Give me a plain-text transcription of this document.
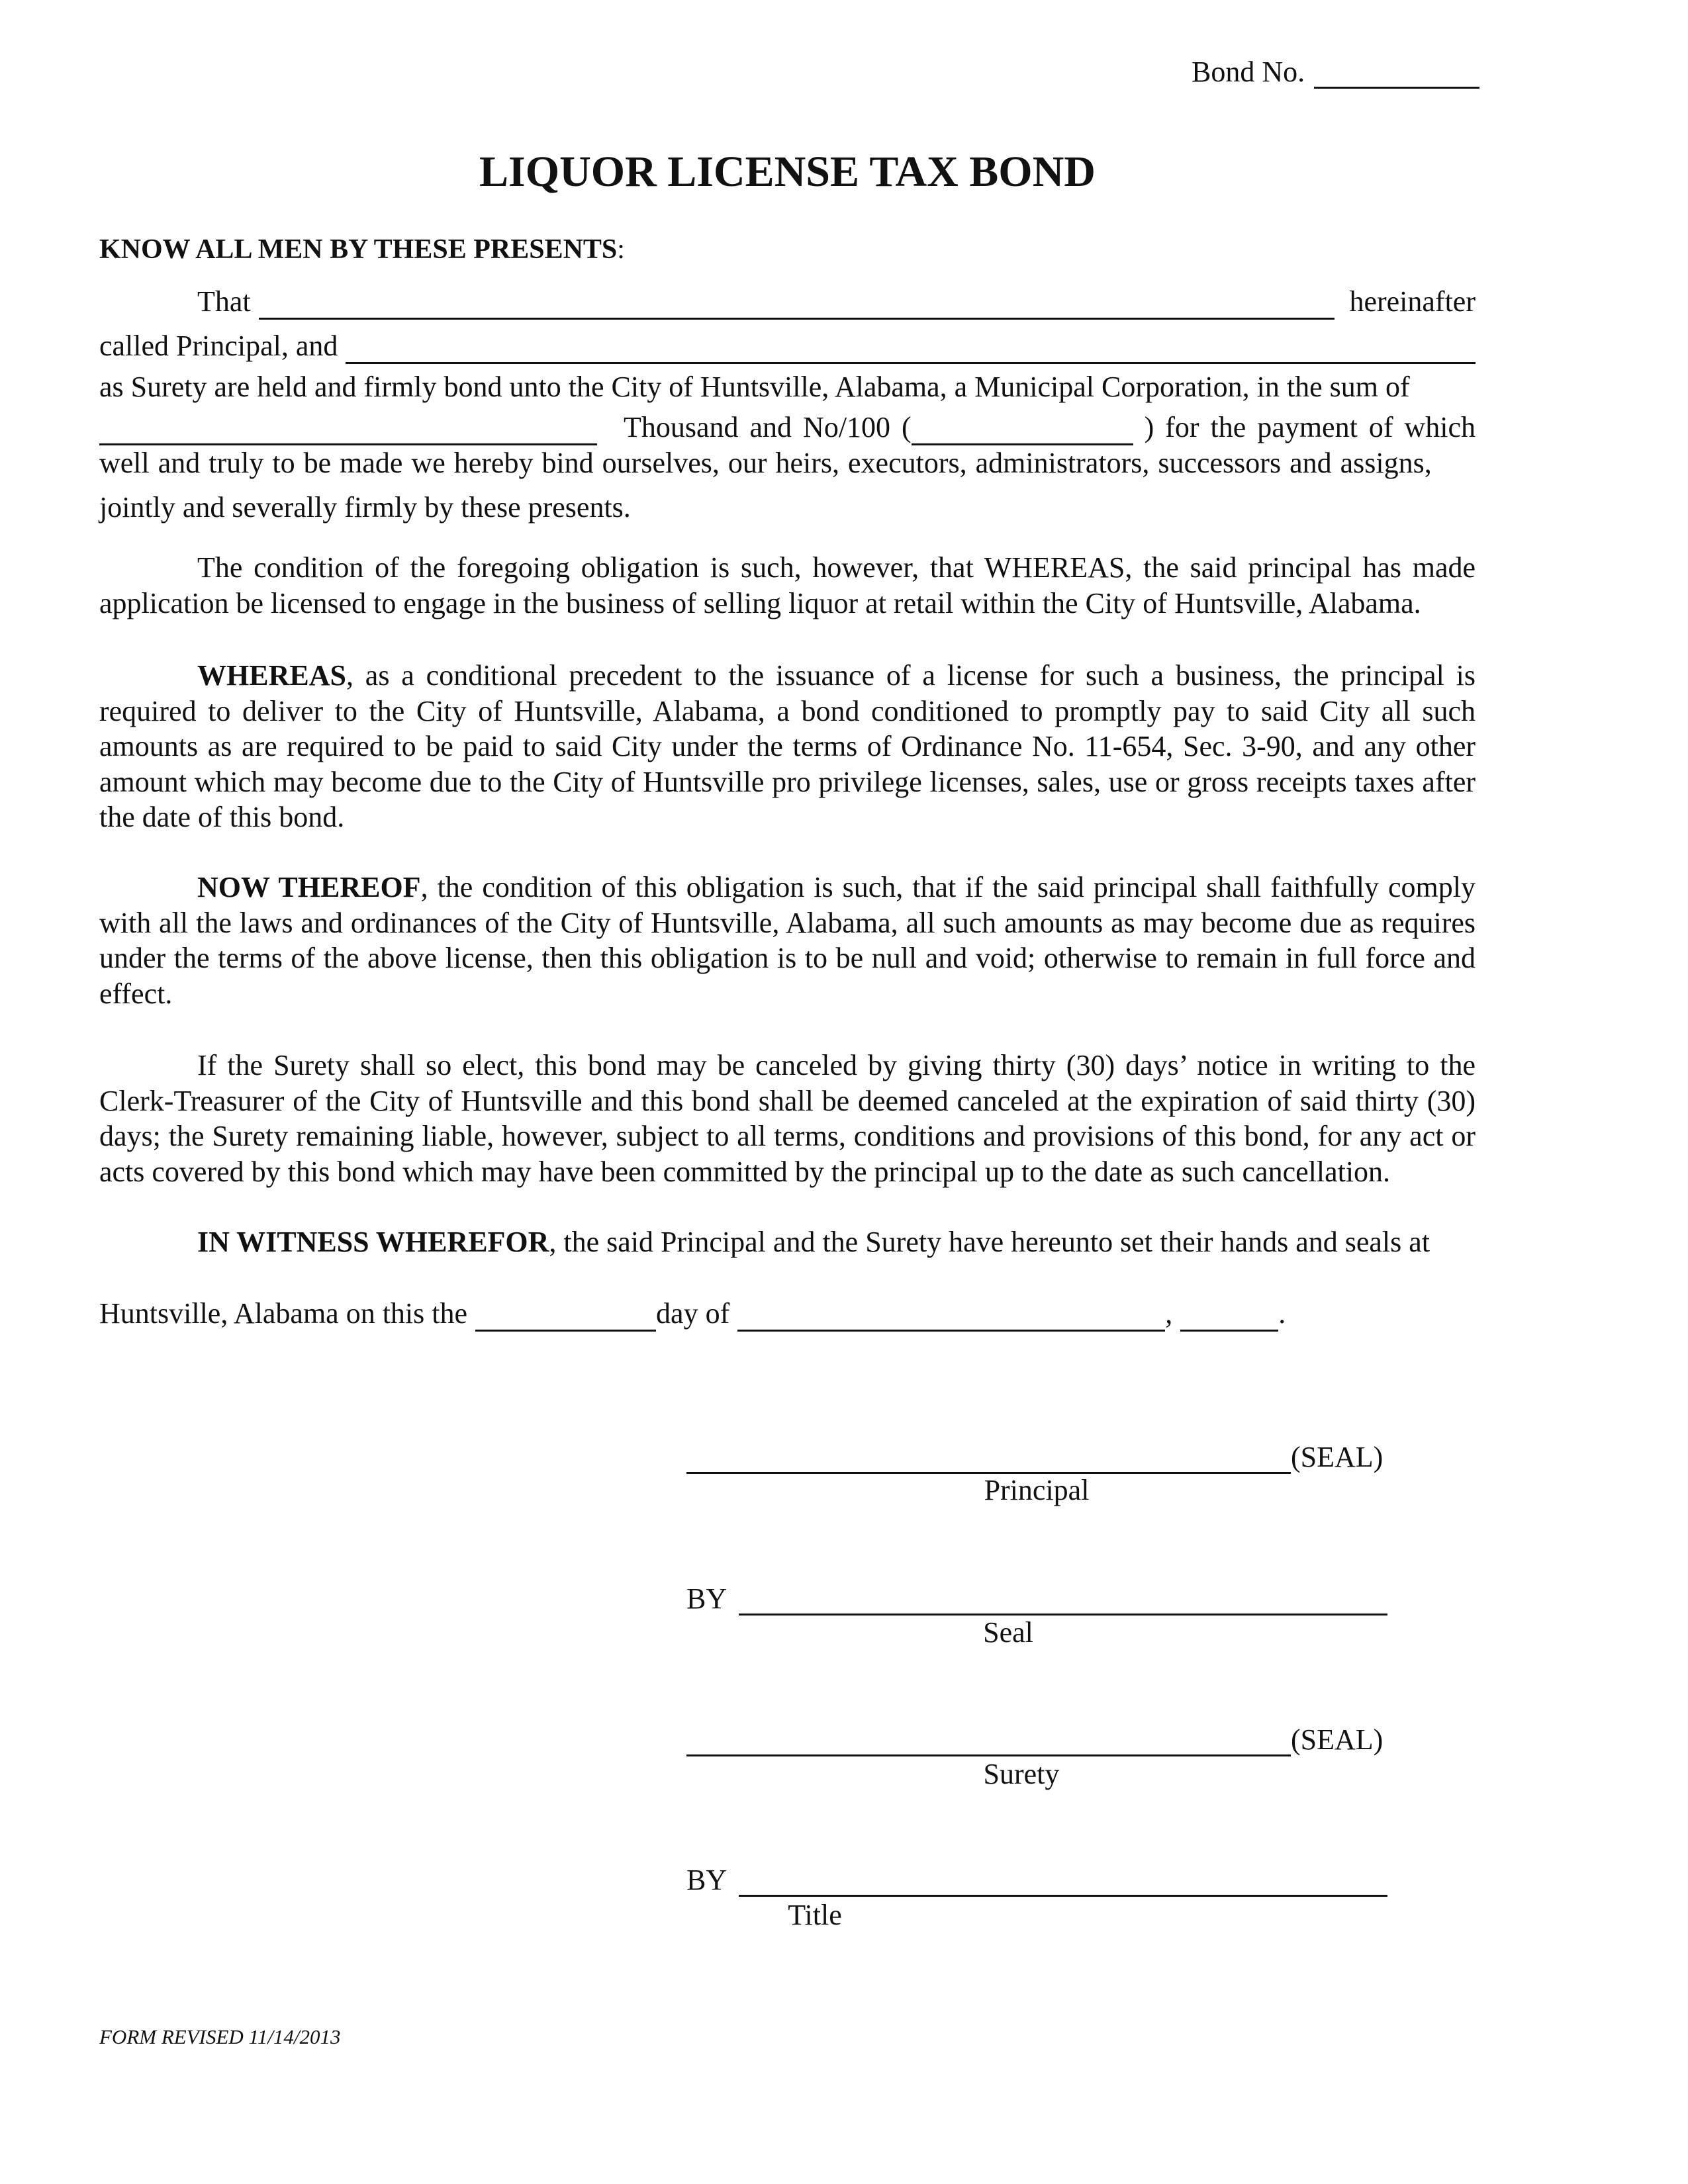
Bond No.
LIQUOR LICENSE TAX BOND
KNOW ALL MEN BY THESE PRESENTS:
That	hereinafter
called Principal, and
as Surety are held and firmly bond unto the City of Huntsville, Alabama, a Municipal Corporation, in the sum of
Thousand and No/100 (	) for the payment of which
well and truly to be made we hereby bind ourselves, our heirs, executors, administrators, successors and assigns,
jointly and severally firmly by these presents.
The condition of the foregoing obligation is such, however, that WHEREAS, the said principal has made application be licensed to engage in the business of selling liquor at retail within the City of Huntsville, Alabama.
WHEREAS, as a conditional precedent to the issuance of a license for such a business, the principal is required to deliver to the City of Huntsville, Alabama, a bond conditioned to promptly pay to said City all such amounts as are required to be paid to said City under the terms of Ordinance No. 11-654, Sec. 3-90, and any other amount which may become due to the City of Huntsville pro privilege licenses, sales, use or gross receipts taxes after the date of this bond.
NOW THEREOF, the condition of this obligation is such, that if the said principal shall faithfully comply with all the laws and ordinances of the City of Huntsville, Alabama, all such amounts as may become due as requires under the terms of the above license, then this obligation is to be null and void; otherwise to remain in full force and effect.
If the Surety shall so elect, this bond may be canceled by giving thirty (30) days’ notice in writing to the Clerk-Treasurer of the City of Huntsville and this bond shall be deemed canceled at the expiration of said thirty (30) days; the Surety remaining liable, however, subject to all terms, conditions and provisions of this bond, for any act or acts covered by this bond which may have been committed by the principal up to the date as such cancellation.
IN WITNESS WHEREFOR, the said Principal and the Surety have hereunto set their hands and seals at
Huntsville, Alabama on this the	day of	,	.
(SEAL)
Principal
BY
Seal
(SEAL)
Surety
BY
Title
FORM REVISED 11/14/2013
